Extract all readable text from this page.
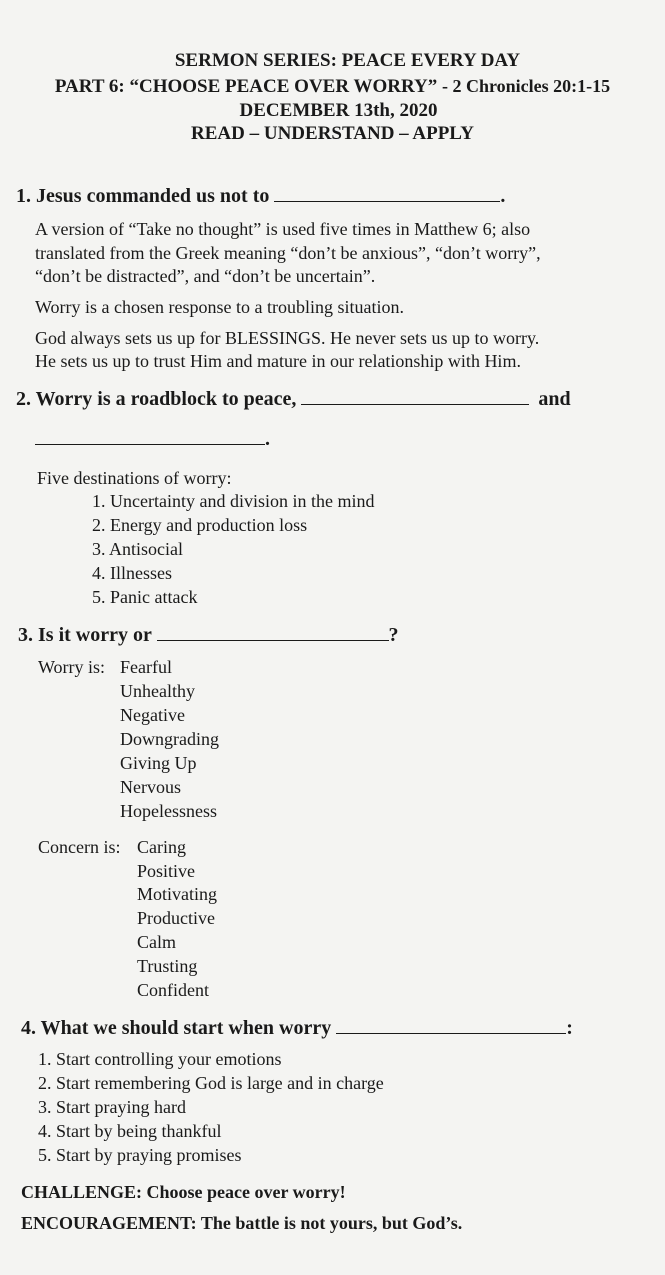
SERMON SERIES: PEACE EVERY DAY
PART 6: “CHOOSE PEACE OVER WORRY” - 2 Chronicles 20:1-15
DECEMBER 13th, 2020
READ – UNDERSTAND – APPLY
1. Jesus commanded us not to	.
A version of “Take no thought” is used five times in Matthew 6; also
translated from the Greek meaning “don’t be anxious”, “don’t worry”,
“don’t be distracted”, and “don’t be uncertain”.
Worry is a chosen response to a troubling situation.
God always sets us up for BLESSINGS. He never sets us up to worry.
He sets us up to trust Him and mature in our relationship with Him.
2. Worry is a roadblock to peace,	and
.
Five destinations of worry:
1. Uncertainty and division in the mind
2. Energy and production loss
3. Antisocial
4. Illnesses
5. Panic attack
3. Is it worry or	?
Worry is: Fearful
Unhealthy
Negative
Downgrading
Giving Up
Nervous
Hopelessness
Concern is: Caring
Positive
Motivating
Productive
Calm
Trusting
Confident
4. What we should start when worry	:
1. Start controlling your emotions
2. Start remembering God is large and in charge
3. Start praying hard
4. Start by being thankful
5. Start by praying promises
CHALLENGE: Choose peace over worry!
ENCOURAGEMENT: The battle is not yours, but God’s.
